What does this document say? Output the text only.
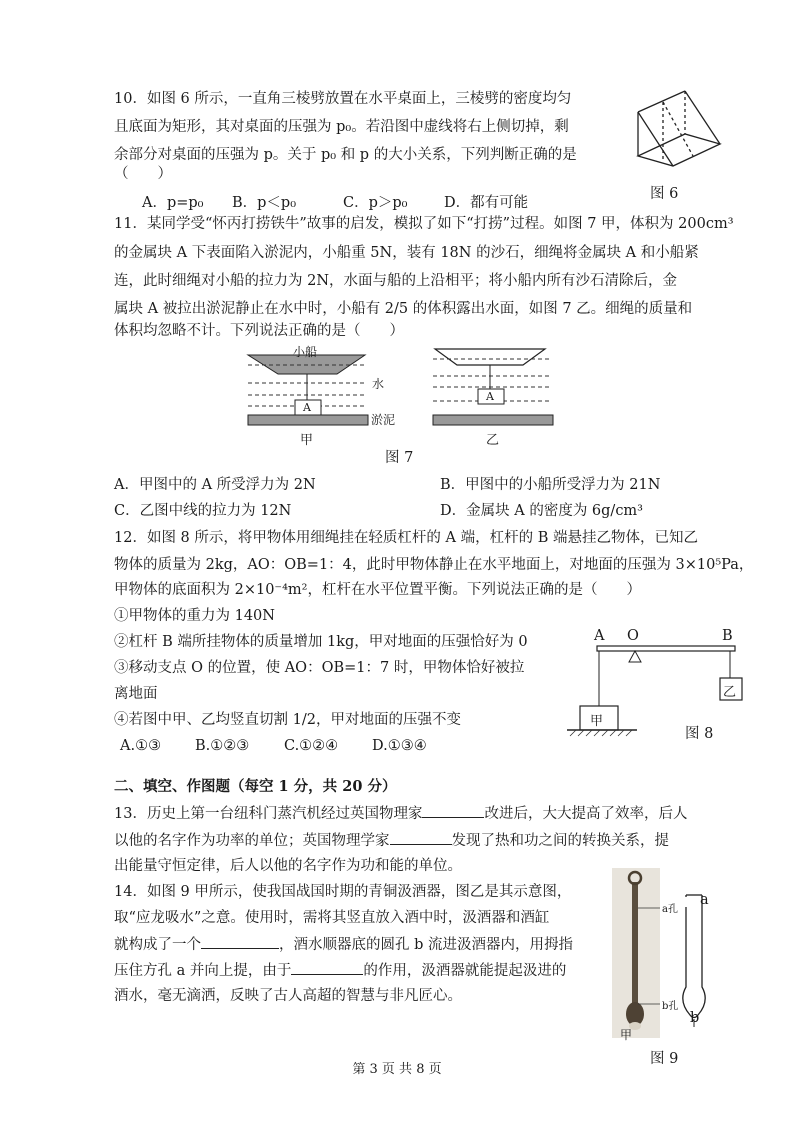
10．如图 6 所示，一直角三棱劈放置在水平桌面上，三棱劈的密度均匀
且底面为矩形，其对桌面的压强为 p₀。若沿图中虚线将右上侧切掉，剩
余部分对桌面的压强为 p。关于 p₀ 和 p 的大小关系，下列判断正确的是
（　　）
A．p=p₀ B．p＜p₀	C．p＞p₀	D．都有可能
图 6
11．某同学受“怀丙打捞铁牛”故事的启发，模拟了如下“打捞”过程。如图 7 甲，体积为 200cm³
的金属块 A 下表面陷入淤泥内，小船重 5N，装有 18N 的沙石，细绳将金属块 A 和小船紧
连，此时细绳对小船的拉力为 2N，水面与船的上沿相平；将小船内所有沙石清除后，金
属块 A 被拉出淤泥静止在水中时，小船有 2/5 的体积露出水面，如图 7 乙。细绳的质量和
体积均忽略不计。下列说法正确的是（　　）
小船
水
淤泥
A
A
甲	乙
图 7
A．甲图中的 A 所受浮力为 2N	B．甲图中的小船所受浮力为 21N
C．乙图中线的拉力为 12N	D．金属块 A 的密度为 6g/cm³
12．如图 8 所示，将甲物体用细绳挂在轻质杠杆的 A 端，杠杆的 B 端悬挂乙物体，已知乙
物体的质量为 2kg，AO：OB=1：4，此时甲物体静止在水平地面上，对地面的压强为 3×10⁵Pa，
甲物体的底面积为 2×10⁻⁴m²，杠杆在水平位置平衡。下列说法正确的是（　　）
①甲物体的重力为 140N
②杠杆 B 端所挂物体的质量增加 1kg，甲对地面的压强恰好为 0
③移动支点 O 的位置，使 AO：OB=1：7 时，甲物体恰好被拉
离地面
④若图中甲、乙均竖直切割 1/2，甲对地面的压强不变
A.①③ B.①②③ C.①②④ D.①③④
A O	B
甲
乙
图 8
二、填空、作图题（每空 1 分，共 20 分）
13．历史上第一台纽科门蒸汽机经过英国物理家	改进后，大大提高了效率，后人
以他的名字作为功率的单位；英国物理学家	发现了热和功之间的转换关系，提
出能量守恒定律，后人以他的名字作为功和能的单位。
14．如图 9 甲所示，使我国战国时期的青铜汲酒器，图乙是其示意图，
取“应龙吸水”之意。使用时，需将其竖直放入酒中时，汲酒器和酒缸
就构成了一个	，酒水顺器底的圆孔 b 流进汲酒器内，用拇指
压住方孔 a 并向上提，由于	的作用，汲酒器就能提起汲进的
酒水，毫无滴洒，反映了古人高超的智慧与非凡匠心。
a孔
b孔
甲
a
b
图 9
第 3 页 共 8 页
